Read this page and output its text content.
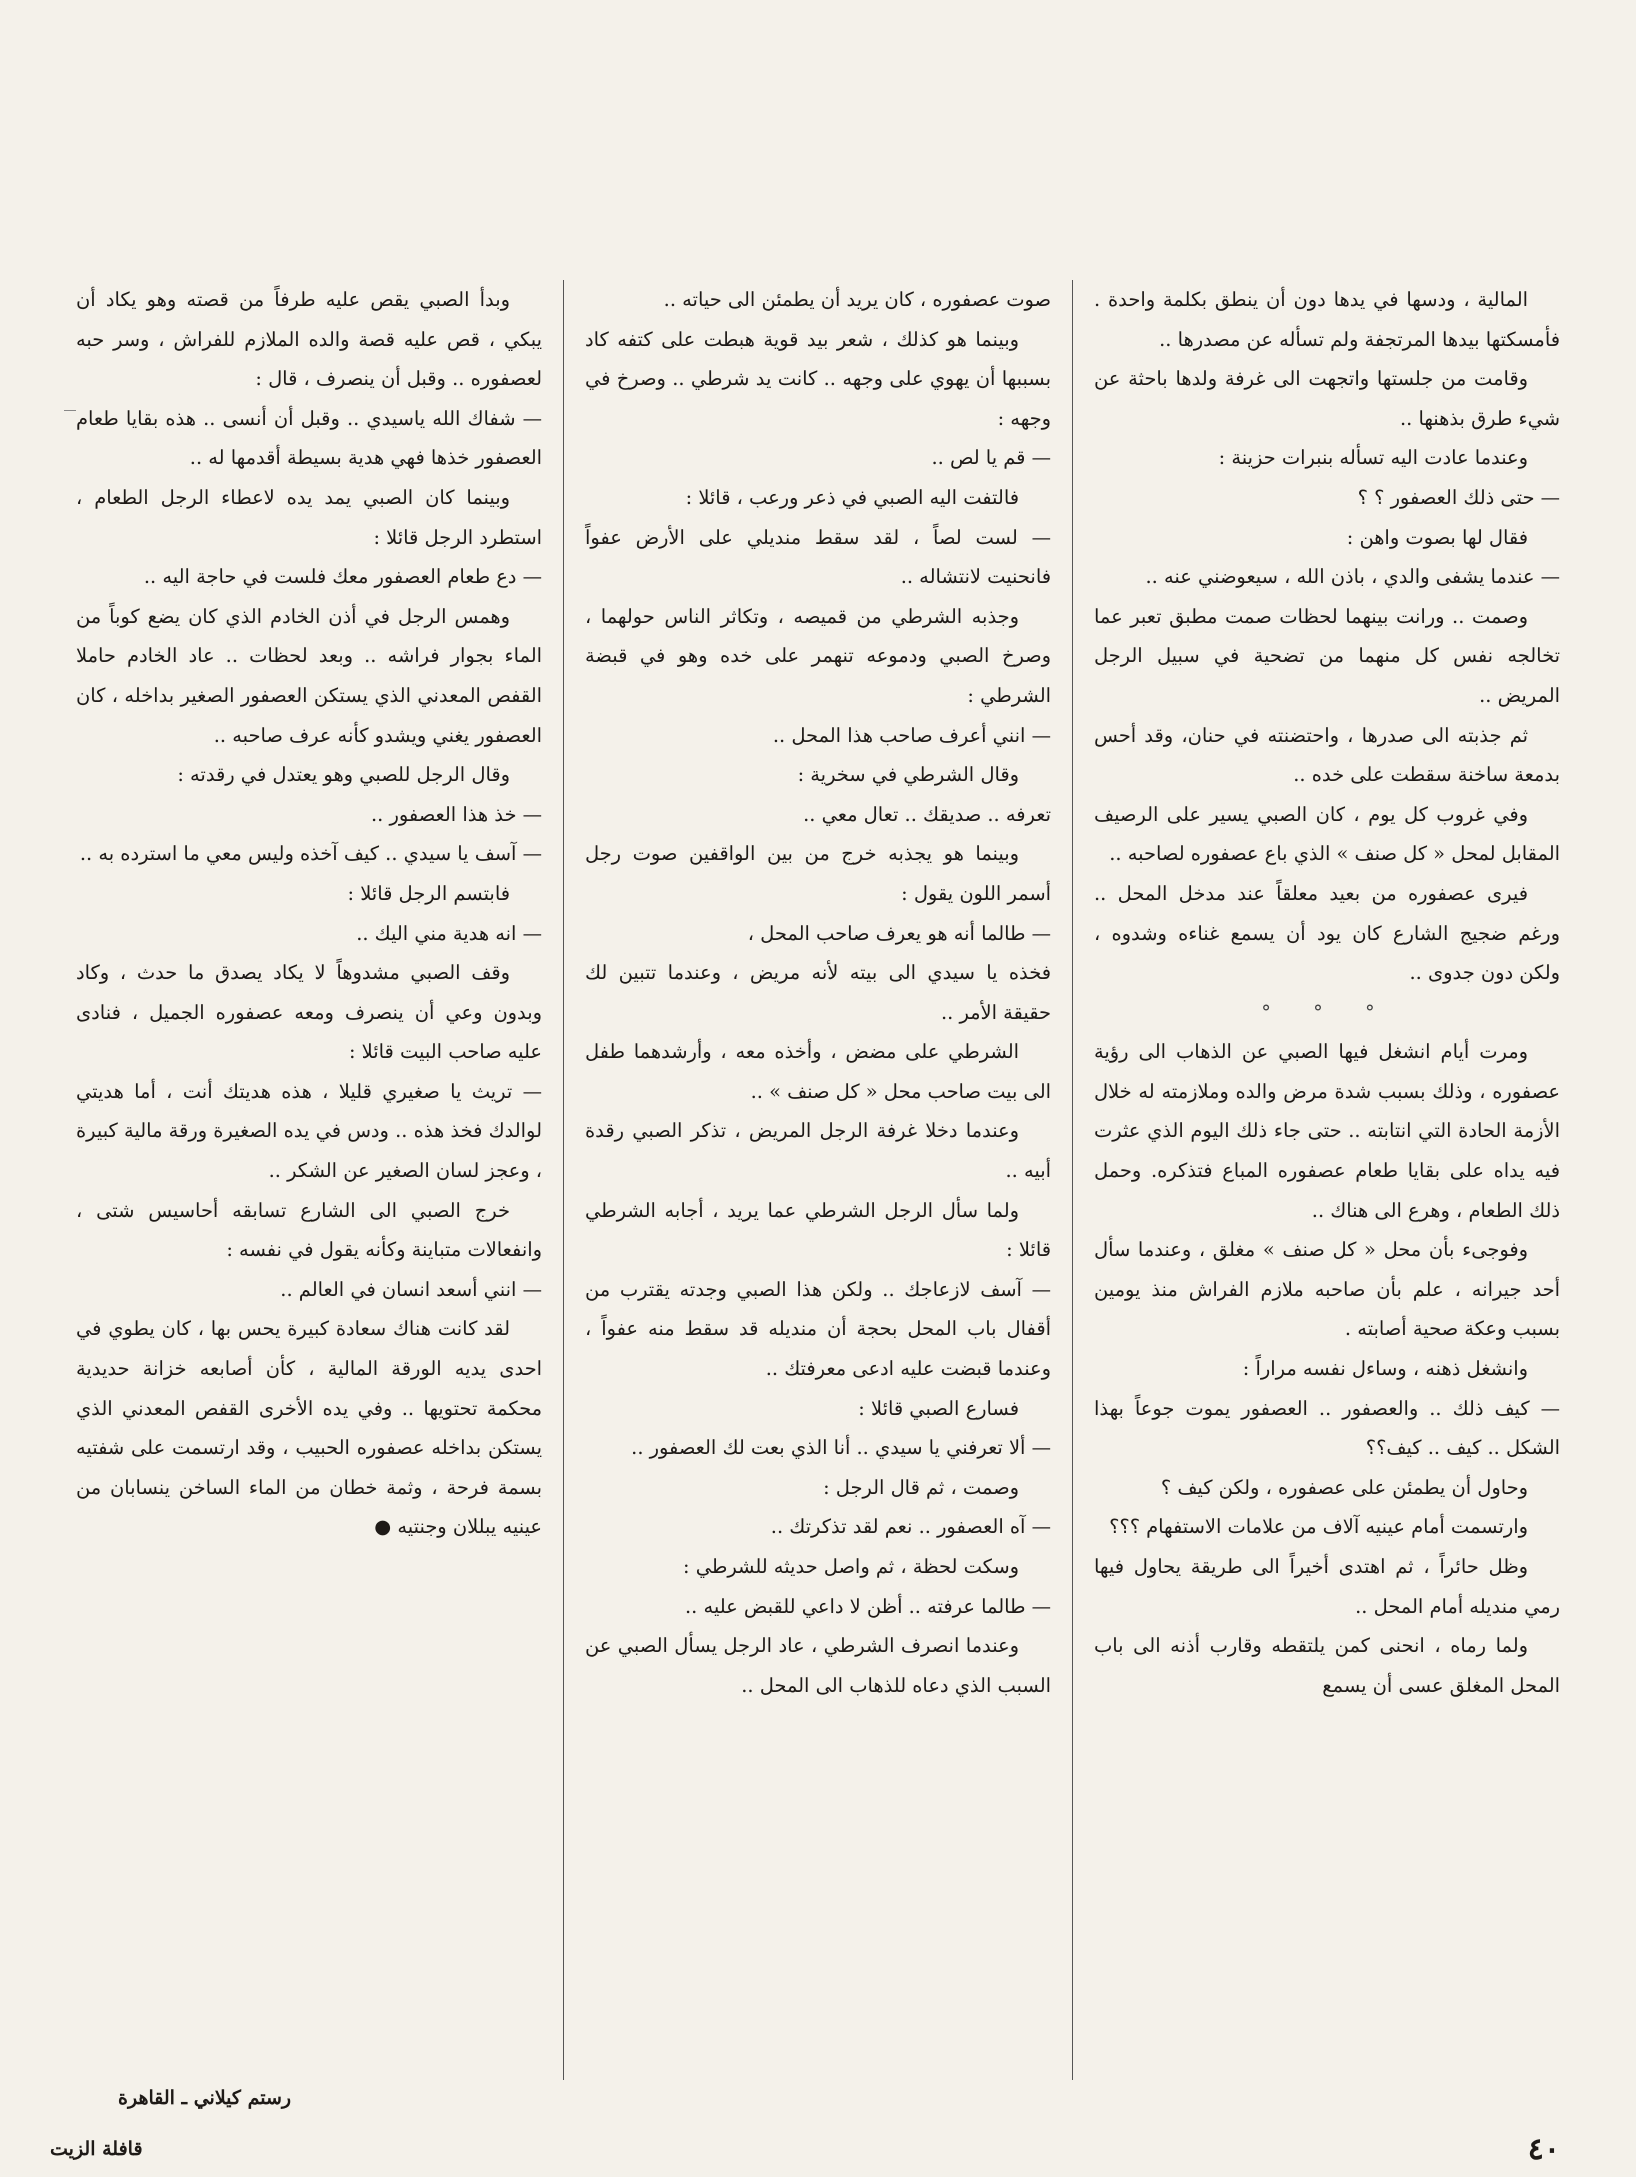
المالية ، ودسها في يدها دون أن ينطق بكلمة واحدة . فأمسكتها بيدها المرتجفة ولم تسأله عن مصدرها ..

وقامت من جلستها واتجهت الى غرفة ولدها باحثة عن شيء طرق بذهنها ..

وعندما عادت اليه تسأله بنبرات حزينة :

— حتى ذلك العصفور ؟ ؟

فقال لها بصوت واهن :

— عندما يشفى والدي ، باذن الله ، سيعوضني عنه ..

وصمت .. ورانت بينهما لحظات صمت مطبق تعبر عما تخالجه نفس كل منهما من تضحية في سبيل الرجل المريض ..

ثم جذبته الى صدرها ، واحتضنته في حنان، وقد أحس بدمعة ساخنة سقطت على خده ..

وفي غروب كل يوم ، كان الصبي يسير على الرصيف المقابل لمحل « كل صنف » الذي باع عصفوره لصاحبه ..

فيرى عصفوره من بعيد معلقاً عند مدخل المحل .. ورغم ضجيج الشارع كان يود أن يسمع غناءه وشدوه ، ولكن دون جدوى ..

° ° °

ومرت أيام انشغل فيها الصبي عن الذهاب الى رؤية عصفوره ، وذلك بسبب شدة مرض والده وملازمته له خلال الأزمة الحادة التي انتابته .. حتى جاء ذلك اليوم الذي عثرت فيه يداه على بقايا طعام عصفوره المباع فتذكره. وحمل ذلك الطعام ، وهرع الى هناك ..

وفوجىء بأن محل « كل صنف » مغلق ، وعندما سأل أحد جيرانه ، علم بأن صاحبه ملازم الفراش منذ يومين بسبب وعكة صحية أصابته .

وانشغل ذهنه ، وساءل نفسه مراراً :

— كيف ذلك .. والعصفور .. العصفور يموت جوعاً بهذا الشكل .. كيف .. كيف؟؟

وحاول أن يطمئن على عصفوره ، ولكن كيف ؟

وارتسمت أمام عينيه آلاف من علامات الاستفهام ؟؟؟

وظل حائراً ، ثم اهتدى أخيراً الى طريقة يحاول فيها رمي منديله أمام المحل ..

ولما رماه ، انحنى كمن يلتقطه وقارب أذنه الى باب المحل المغلق عسى أن يسمع

صوت عصفوره ، كان يريد أن يطمئن الى حياته ..

وبينما هو كذلك ، شعر بيد قوية هبطت على كتفه كاد بسببها أن يهوي على وجهه .. كانت يد شرطي .. وصرخ في وجهه :

— قم يا لص ..

فالتفت اليه الصبي في ذعر ورعب ، قائلا :

— لست لصاً ، لقد سقط منديلي على الأرض عفواً فانحنيت لانتشاله ..

وجذبه الشرطي من قميصه ، وتكاثر الناس حولهما ، وصرخ الصبي ودموعه تنهمر على خده وهو في قبضة الشرطي :

— انني أعرف صاحب هذا المحل ..

وقال الشرطي في سخرية :

تعرفه .. صديقك .. تعال معي ..

وبينما هو يجذبه خرج من بين الواقفين صوت رجل أسمر اللون يقول :

— طالما أنه هو يعرف صاحب المحل ،

فخذه يا سيدي الى بيته لأنه مريض ، وعندما تتبين لك حقيقة الأمر ..

الشرطي على مضض ، وأخذه معه ، وأرشدهما طفل الى بيت صاحب محل « كل صنف » ..

وعندما دخلا غرفة الرجل المريض ، تذكر الصبي رقدة أبيه ..

ولما سأل الرجل الشرطي عما يريد ، أجابه الشرطي قائلا :

— آسف لازعاجك .. ولكن هذا الصبي وجدته يقترب من أقفال باب المحل بحجة أن منديله قد سقط منه عفواً ، وعندما قبضت عليه ادعى معرفتك ..

فسارع الصبي قائلا :

— ألا تعرفني يا سيدي .. أنا الذي بعت لك العصفور ..

وصمت ، ثم قال الرجل :

— آه العصفور .. نعم لقد تذكرتك ..

وسكت لحظة ، ثم واصل حديثه للشرطي :

— طالما عرفته .. أظن لا داعي للقبض عليه ..

وعندما انصرف الشرطي ، عاد الرجل يسأل الصبي عن السبب الذي دعاه للذهاب الى المحل ..

وبدأ الصبي يقص عليه طرفاً من قصته وهو يكاد أن يبكي ، قص عليه قصة والده الملازم للفراش ، وسر حبه لعصفوره .. وقبل أن ينصرف ، قال :

— شفاك الله ياسيدي .. وقبل أن أنسى .. هذه بقايا طعام العصفور خذها فهي هدية بسيطة أقدمها له ..

وبينما كان الصبي يمد يده لاعطاء الرجل الطعام ، استطرد الرجل قائلا :

— دع طعام العصفور معك فلست في حاجة اليه ..

وهمس الرجل في أذن الخادم الذي كان يضع كوباً من الماء بجوار فراشه .. وبعد لحظات .. عاد الخادم حاملا القفص المعدني الذي يستكن العصفور الصغير بداخله ، كان العصفور يغني ويشدو كأنه عرف صاحبه ..

وقال الرجل للصبي وهو يعتدل في رقدته :

— خذ هذا العصفور ..

— آسف يا سيدي .. كيف آخذه وليس معي ما استرده به ..

فابتسم الرجل قائلا :

— انه هدية مني اليك ..

وقف الصبي مشدوهاً لا يكاد يصدق ما حدث ، وكاد وبدون وعي أن ينصرف ومعه عصفوره الجميل ، فنادى عليه صاحب البيت قائلا :

— تريث يا صغيري قليلا ، هذه هديتك أنت ، أما هديتي لوالدك فخذ هذه .. ودس في يده الصغيرة ورقة مالية كبيرة ، وعجز لسان الصغير عن الشكر ..

خرج الصبي الى الشارع تسابقه أحاسيس شتى ، وانفعالات متباينة وكأنه يقول في نفسه :

— انني أسعد انسان في العالم ..

لقد كانت هناك سعادة كبيرة يحس بها ، كان يطوي في احدى يديه الورقة المالية ، كأن أصابعه خزانة حديدية محكمة تحتويها .. وفي يده الأخرى القفص المعدني الذي يستكن بداخله عصفوره الحبيب ، وقد ارتسمت على شفتيه بسمة فرحة ، وثمة خطان من الماء الساخن ينسابان من عينيه يبللان وجنتيه ●

رستم كيلاني ـ القاهرة
٤٠
قافلة الزيت
